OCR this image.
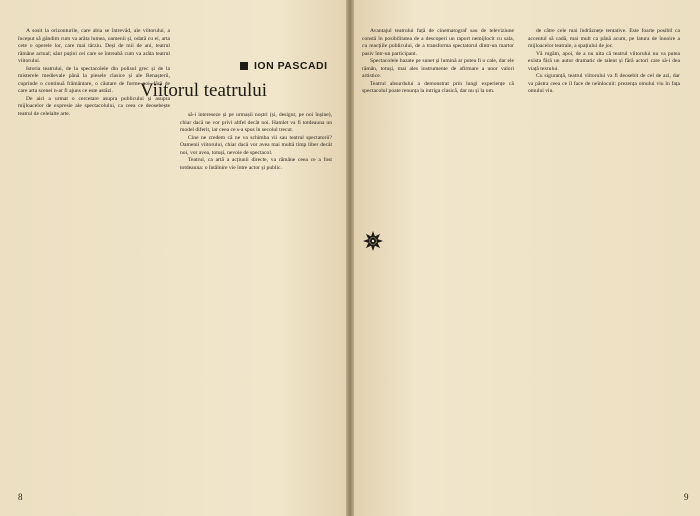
ION PASCADI
Viitorul teatrului

A sosit la orizonturile, care abia se întrevăd, ale viitorului, a început să gândim cum va arăta lumea, oamenii și, odată cu ei, arta cete o operele lor, care mai târziu. Deși de mii de ani, teatrul rămâne actual; sânt puțini cei care se întreabă cum va arăta teatrul viitorului.

Istoria teatrului, de la spectacolele din polisul grec și de la misterele medievale până la piesele clasice și ale Renașterii, cuprinde o continuă frământare, o căutare de forme noi, fără de care arta scenei n-ar fi ajuns ce este astăzi.

De aici a urmat o cercetare asupra publicului și asupra mijloacelor de expresie ale spectacolului, ca ceea ce deosebește teatrul de celelalte arte.	să-i intereseze și pe urmașii noștri (și, desigur, pe noi înșine), chiar dacă ne vor privi altfel decât noi. Hamlet va fi totdeauna un model diferit, iar ceea ce s-a spus în secolul trecut.

Cine ne credem că ne va schimba vii sau teatrul spectatorii? Oamenii viitorului, chiar dacă vor avea mai multă timp liber decât noi, vor avea, totuși, nevoie de spectacol.

Teatrul, ca artă a acțiunii directe, va rămâne ceea ce a fost totdeauna: o întâlnire vie între actor și public.

8

Avantajul teatrului față de cinematograf sau de televiziune constă în posibilitatea de a descoperi un raport nemijlocit cu sala, cu reacțiile publicului, de a transforma spectatorul dintr-un martor pasiv într-un participant.

Spectacolele bazate pe sunet și lumină ar putea fi o cale, dar ele rămân, totuși, mai ales instrumente de afirmare a unor valori artistice.

Teatrul absurdului a demonstrat prin lungi experiențe că spectacolul poate renunța la intriga clasică, dar nu și la om.

de către cele mai îndrăznețe tentative. Este foarte posibil ca accentul să cadă, mai mult ca până acum, pe latura de înnoire a mijloacelor teatrale, a spațiului de joc.

Vă rugăm, apoi, de a nu uita că teatrul viitorului nu va putea exista fără un autor dramatic de talent și fără actori care să-i dea viață textului.

Cu siguranță, teatrul viitorului va fi deosebit de cel de azi, dar va păstra ceea ce îl face de neînlocuit: prezența omului viu în fața omului viu.

9
